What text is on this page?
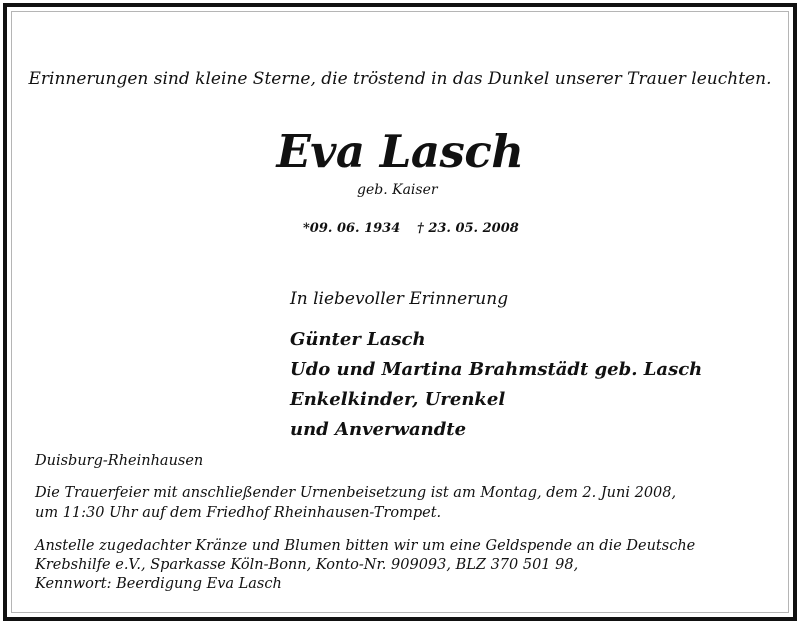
Erinnerungen sind kleine Sterne, die tröstend in das Dunkel unserer Trauer leuchten.
Eva Lasch
geb. Kaiser
*09. 06. 1934 † 23. 05. 2008
In liebevoller Erinnerung
Günter Lasch
Udo und Martina Brahmstädt geb. Lasch
Enkelkinder, Urenkel
und Anverwandte
Duisburg-Rheinhausen
Die Trauerfeier mit anschließender Urnenbeisetzung ist am Montag, dem 2. Juni 2008,
um 11:30 Uhr auf dem Friedhof Rheinhausen-Trompet.
Anstelle zugedachter Kränze und Blumen bitten wir um eine Geldspende an die Deutsche
Krebshilfe e.V., Sparkasse Köln-Bonn, Konto-Nr. 909093, BLZ 370 501 98,
Kennwort: Beerdigung Eva Lasch
